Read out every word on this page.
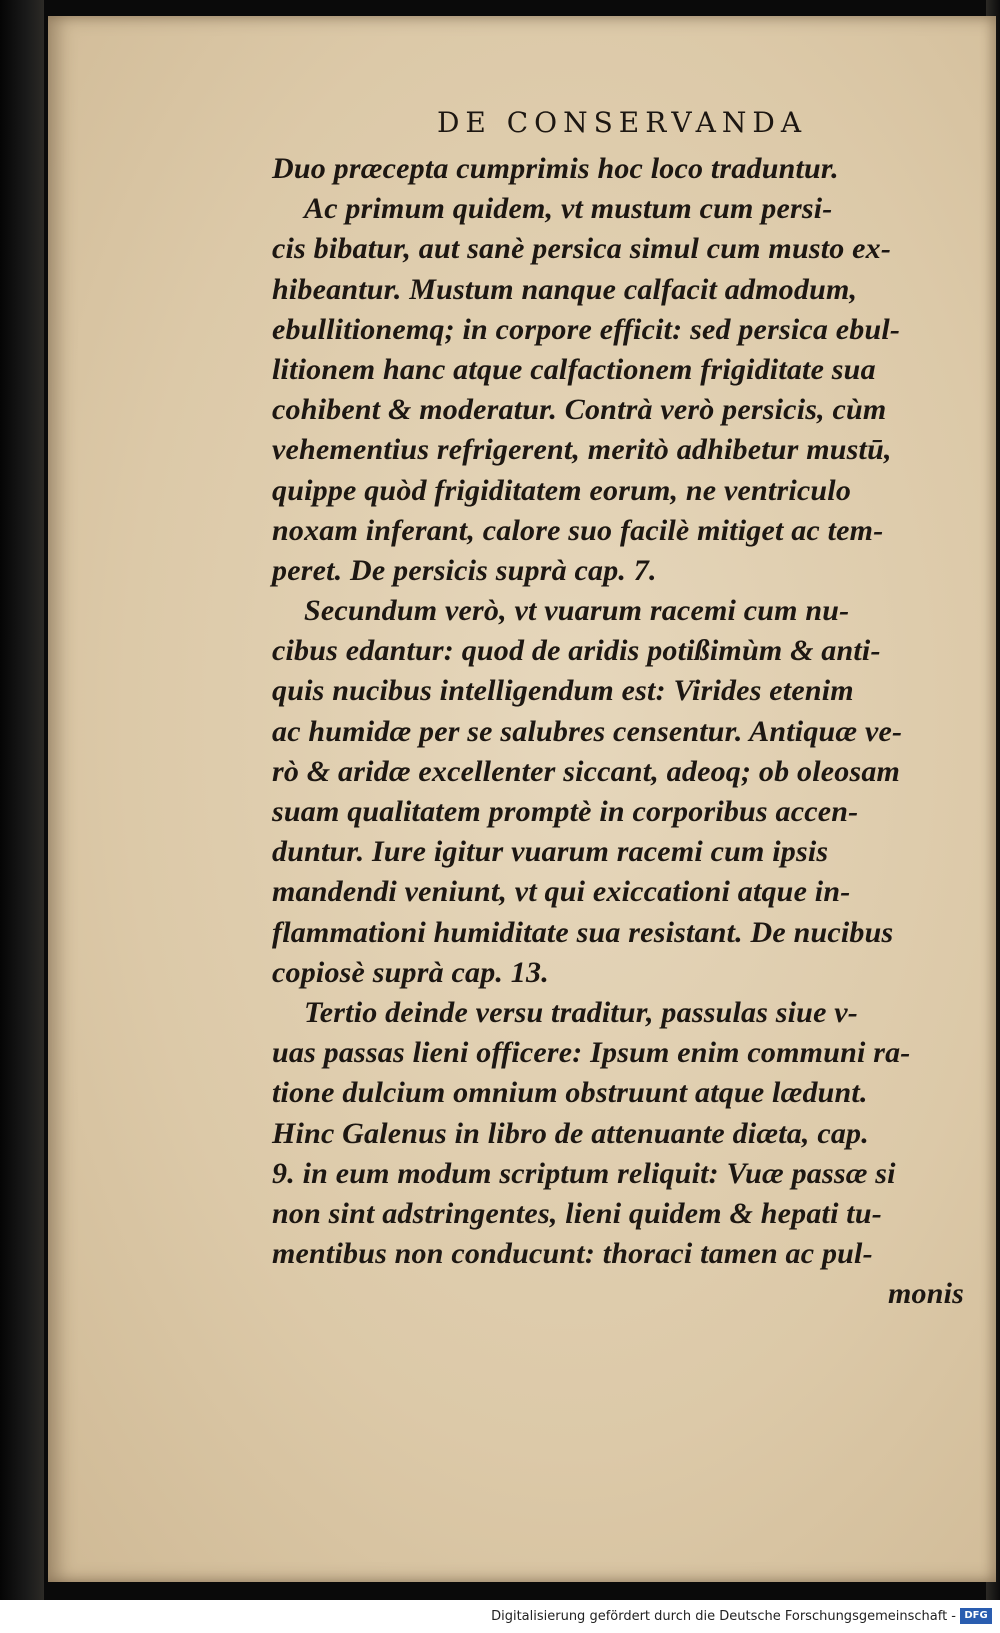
DE CONSERVANDA
Duo præcepta cumprimis hoc loco traduntur.
Ac primum quidem, vt mustum cum persi-
cis bibatur, aut sanè persica simul cum musto ex-
hibeantur. Mustum nanque calfacit admodum,
ebullitionemq; in corpore efficit: sed persica ebul-
litionem hanc atque calfactionem frigiditate sua
cohibent & moderatur. Contrà verò persicis, cùm
vehementius refrigerent, meritò adhibetur mustū,
quippe quòd frigiditatem eorum, ne ventriculo
noxam inferant, calore suo facilè mitiget ac tem-
peret. De persicis suprà cap. 7.
Secundum verò, vt vuarum racemi cum nu-
cibus edantur: quod de aridis potißimùm & anti-
quis nucibus intelligendum est: Virides etenim
ac humidæ per se salubres censentur. Antiquæ ve-
rò & aridæ excellenter siccant, adeoq; ob oleosam
suam qualitatem promptè in corporibus accen-
duntur. Iure igitur vuarum racemi cum ipsis
mandendi veniunt, vt qui exiccationi atque in-
flammationi humiditate sua resistant. De nucibus
copiosè suprà cap. 13.
Tertio deinde versu traditur, passulas siue v-
uas passas lieni officere: Ipsum enim communi ra-
tione dulcium omnium obstruunt atque lædunt.
Hinc Galenus in libro de attenuante diæta, cap.
9. in eum modum scriptum reliquit: Vuæ passæ si
non sint adstringentes, lieni quidem & hepati tu-
mentibus non conducunt: thoraci tamen ac pul-
monis
Digitalisierung gefördert durch die Deutsche Forschungsgemeinschaft - DFG
